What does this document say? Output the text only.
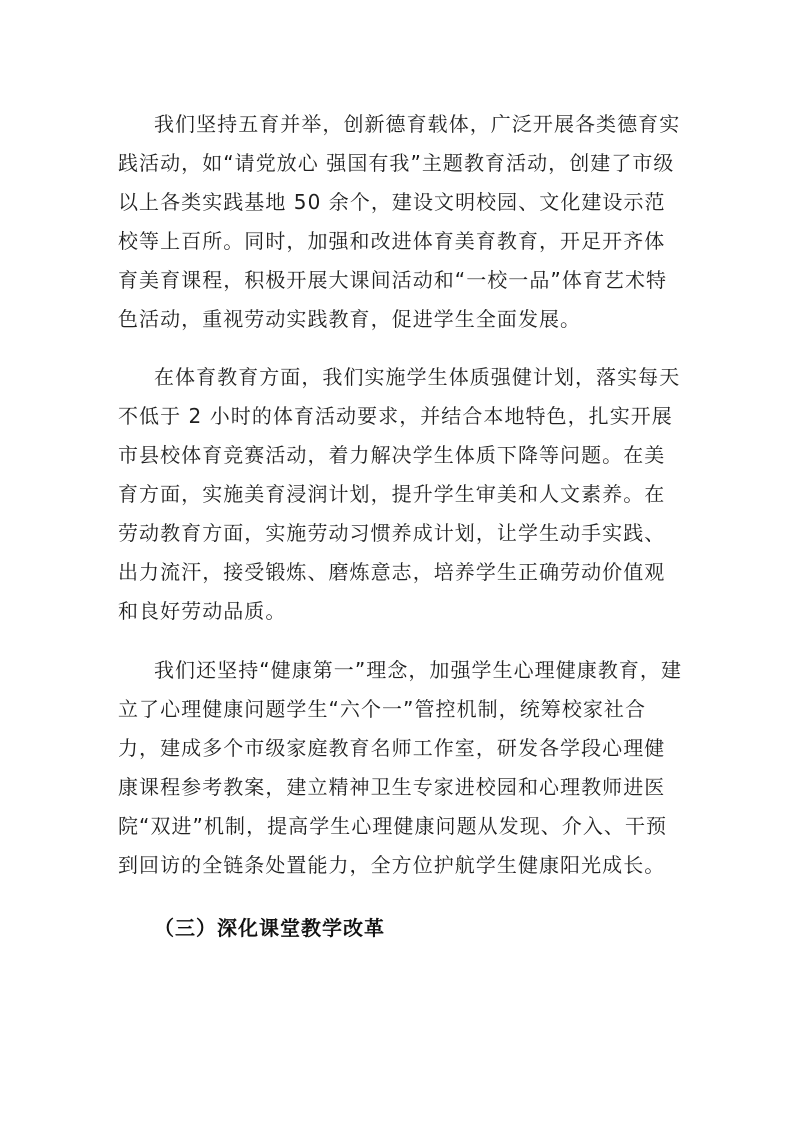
我们坚持五育并举，创新德育载体，广泛开展各类德育实践活动，如“请党放心 强国有我”主题教育活动，创建了市级以上各类实践基地 50 余个，建设文明校园、文化建设示范校等上百所。同时，加强和改进体育美育教育，开足开齐体育美育课程，积极开展大课间活动和“一校一品”体育艺术特色活动，重视劳动实践教育，促进学生全面发展。

在体育教育方面，我们实施学生体质强健计划，落实每天不低于 2 小时的体育活动要求，并结合本地特色，扎实开展市县校体育竞赛活动，着力解决学生体质下降等问题。在美育方面，实施美育浸润计划，提升学生审美和人文素养。在劳动教育方面，实施劳动习惯养成计划，让学生动手实践、出力流汗，接受锻炼、磨炼意志，培养学生正确劳动价值观和良好劳动品质。

我们还坚持“健康第一”理念，加强学生心理健康教育，建立了心理健康问题学生“六个一”管控机制，统筹校家社合力，建成多个市级家庭教育名师工作室，研发各学段心理健康课程参考教案，建立精神卫生专家进校园和心理教师进医院“双进”机制，提高学生心理健康问题从发现、介入、干预到回访的全链条处置能力，全方位护航学生健康阳光成长。

（三）深化课堂教学改革
